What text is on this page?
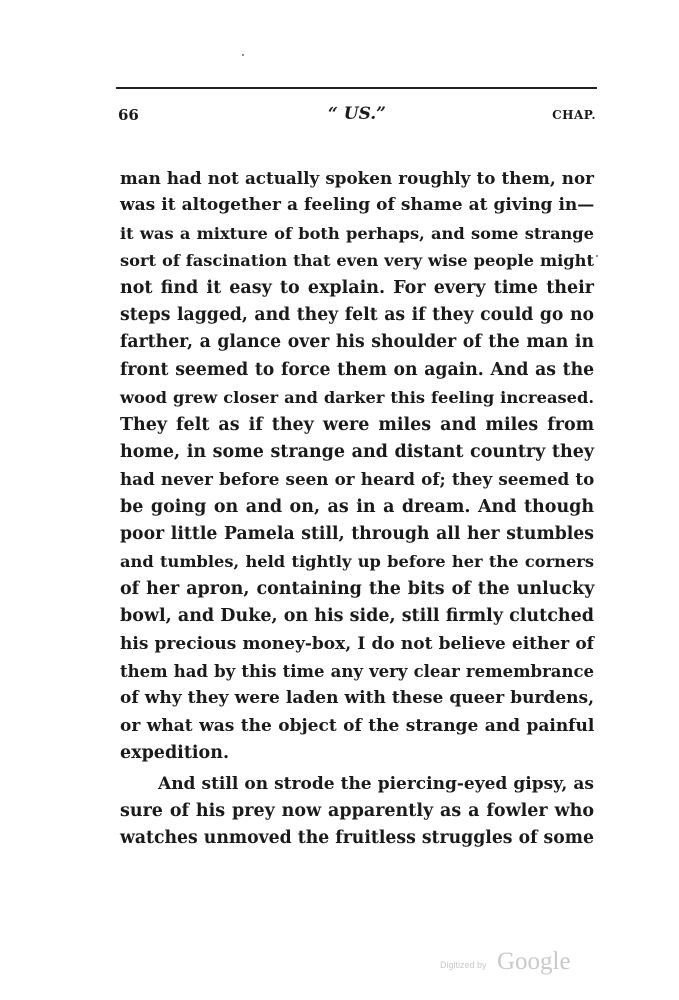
66	“ US.”	CHAP.
man had not actually spoken roughly to them, nor
was it altogether a feeling of shame at giving in—
it was a mixture of both perhaps, and some strange
sort of fascination that even very wise people might
not find it easy to explain. For every time their
steps lagged, and they felt as if they could go no
farther, a glance over his shoulder of the man in
front seemed to force them on again. And as the
wood grew closer and darker this feeling increased.
They felt as if they were miles and miles from
home, in some strange and distant country they
had never before seen or heard of; they seemed to
be going on and on, as in a dream. And though
poor little Pamela still, through all her stumbles
and tumbles, held tightly up before her the corners
of her apron, containing the bits of the unlucky
bowl, and Duke, on his side, still firmly clutched
his precious money-box, I do not believe either of
them had by this time any very clear remembrance
of why they were laden with these queer burdens,
or what was the object of the strange and painful
expedition.
And still on strode the piercing-eyed gipsy, as
sure of his prey now apparently as a fowler who
watches unmoved the fruitless struggles of some
Digitized by Google
